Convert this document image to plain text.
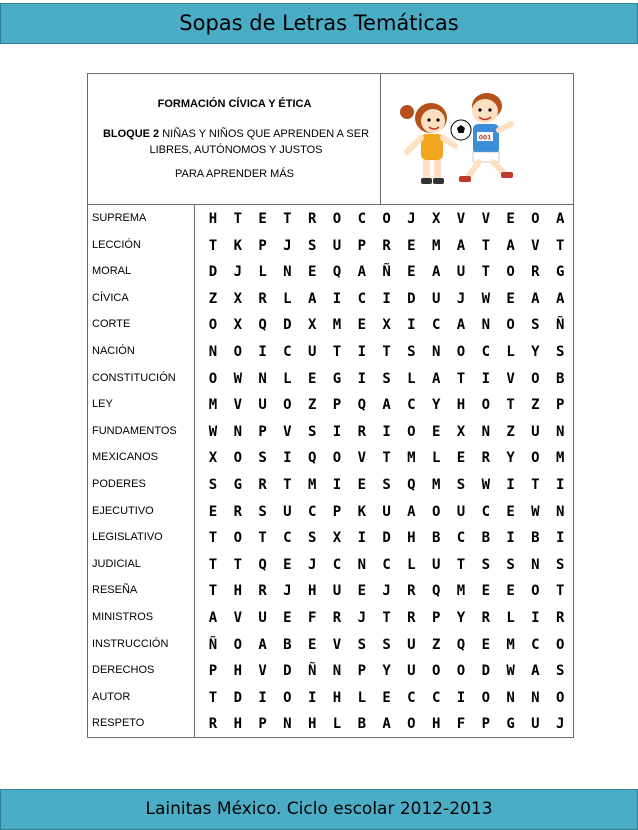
Sopas de Letras Temáticas
FORMACIÓN CÍVICA Y ÉTICA
BLOQUE 2 NIÑAS Y NIÑOS QUE APRENDEN A SER LIBRES, AUTÓNOMOS Y JUSTOS
PARA APRENDER MÁS
001
SUPREMA
LECCIÓN
MORAL
CÍVICA
CORTE
NACIÓN
CONSTITUCIÓN
LEY
FUNDAMENTOS
MEXICANOS
PODERES
EJECUTIVO
LEGISLATIVO
JUDICIAL
RESEÑA
MINISTROS
INSTRUCCIÓN
DERECHOS
AUTOR
RESPETO
H	T	E	T	R	O	C	O	J	X	V	V	E	O	A
T	K	P	J	S	U	P	R	E	M	A	T	A	V	T
D	J	L	N	E	Q	A	Ñ	E	A	U	T	O	R	G
Z	X	R	L	A	I	C	I	D	U	J	W	E	A	A
O	X	Q	D	X	M	E	X	I	C	A	N	O	S	Ñ
N	O	I	C	U	T	I	T	S	N	O	C	L	Y	S
O	W	N	L	E	G	I	S	L	A	T	I	V	O	B
M	V	U	O	Z	P	Q	A	C	Y	H	O	T	Z	P
W	N	P	V	S	I	R	I	O	E	X	N	Z	U	N
X	O	S	I	Q	O	V	T	M	L	E	R	Y	O	M
S	G	R	T	M	I	E	S	Q	M	S	W	I	T	I
E	R	S	U	C	P	K	U	A	O	U	C	E	W	N
T	O	T	C	S	X	I	D	H	B	C	B	I	B	I
T	T	Q	E	J	C	N	C	L	U	T	S	S	N	S
T	H	R	J	H	U	E	J	R	Q	M	E	E	O	T
A	V	U	E	F	R	J	T	R	P	Y	R	L	I	R
Ñ	O	A	B	E	V	S	S	U	Z	Q	E	M	C	O
P	H	V	D	Ñ	N	P	Y	U	O	O	D	W	A	S
T	D	I	O	I	H	L	E	C	C	I	O	N	N	O
R	H	P	N	H	L	B	A	O	H	F	P	G	U	J
Lainitas México. Ciclo escolar 2012-2013
